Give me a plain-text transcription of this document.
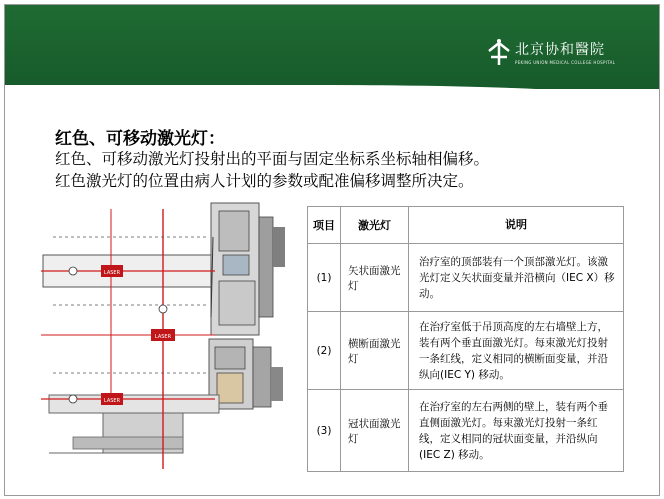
北京协和醫院
PEKING UNION MEDICAL COLLEGE HOSPITAL
红色、可移动激光灯：
红色、可移动激光灯投射出的平面与固定坐标系坐标轴相偏移。
红色激光灯的位置由病人计划的参数或配准偏移调整所决定。
LASER
LASER
LASER
项目	激光灯	说明
(1)	矢状面激光灯	治疗室的顶部装有一个顶部激光灯。该激光灯定义矢状面变量并沿横向（IEC X）移动。
(2)	横断面激光灯	在治疗室低于吊顶高度的左右墙壁上方，装有两个垂直面激光灯。每束激光灯投射一条红线，定义相同的横断面变量，并沿纵向(IEC Y) 移动。
(3)	冠状面激光灯	在治疗室的左右两侧的壁上，装有两个垂直侧面激光灯。每束激光灯投射一条红线，定义相同的冠状面变量，并沿纵向(IEC Z) 移动。
